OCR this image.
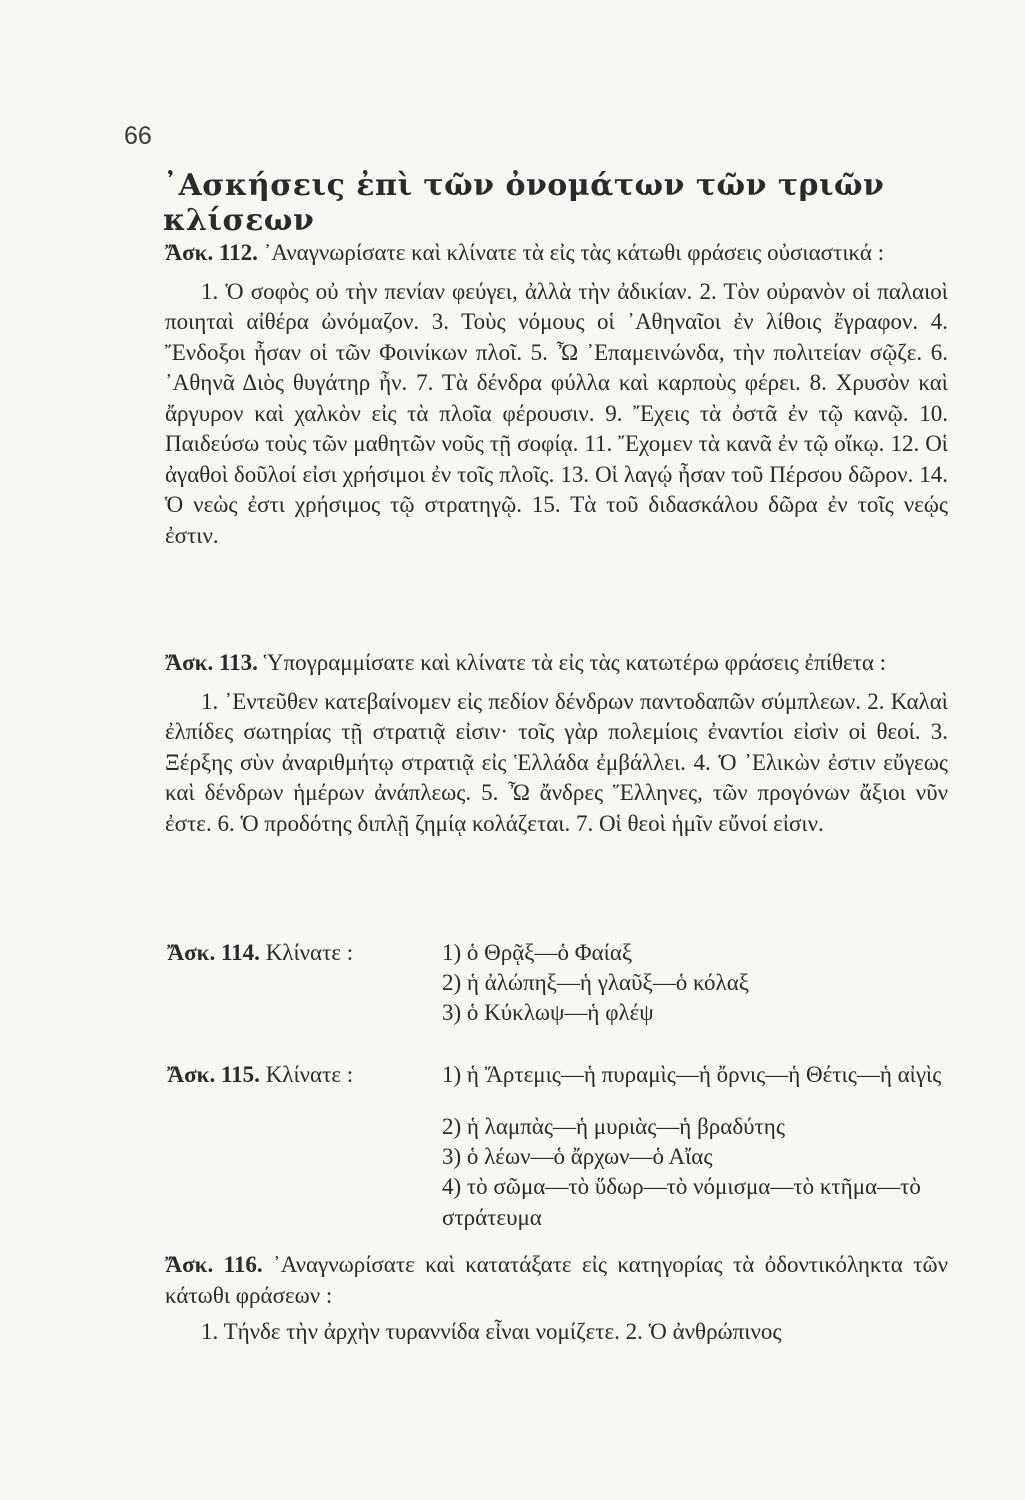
66
᾿Ασκήσεις ἐπὶ τῶν ὀνομάτων τῶν τριῶν κλίσεων

Ἄσκ. 112. ᾿Αναγνωρίσατε καὶ κλίνατε τὰ εἰς τὰς κάτωθι φράσεις οὐσιαστικά :

1. Ὁ σοφὸς οὐ τὴν πενίαν φεύγει, ἀλλὰ τὴν ἀδικίαν. 2. Τὸν οὐρανὸν οἱ παλαιοὶ ποιηταὶ αἰθέρα ὠνόμαζον. 3. Τοὺς νόμους οἱ ᾿Αθηναῖοι ἐν λίθοις ἔγραφον. 4. Ἔνδοξοι ἦσαν οἱ τῶν Φοινίκων πλοῖ. 5. Ὦ ᾿Επαμεινώνδα, τὴν πολιτείαν σῷζε. 6. ᾿Αθηνᾶ Διὸς θυγάτηρ ἦν. 7. Τὰ δένδρα φύλλα καὶ καρποὺς φέρει. 8. Χρυσὸν καὶ ἄργυρον καὶ χαλκὸν εἰς τὰ πλοῖα φέρουσιν. 9. Ἔχεις τὰ ὀστᾶ ἐν τῷ κανῷ. 10. Παιδεύσω τοὺς τῶν μαθητῶν νοῦς τῇ σοφίᾳ. 11. Ἔχομεν τὰ κανᾶ ἐν τῷ οἴκῳ. 12. Οἱ ἀγαθοὶ δοῦλοί εἰσι χρήσιμοι ἐν τοῖς πλοῖς. 13. Οἱ λαγῴ ἦσαν τοῦ Πέρσου δῶρον. 14. Ὁ νεὼς ἐστι χρήσιμος τῷ στρατηγῷ. 15. Τὰ τοῦ διδασκάλου δῶρα ἐν τοῖς νεῴς ἐστιν.

Ἄσκ. 113. Ὑπογραμμίσατε καὶ κλίνατε τὰ εἰς τὰς κατωτέρω φράσεις ἐπίθετα :

1. ᾿Εντεῦθεν κατεβαίνομεν εἰς πεδίον δένδρων παντοδαπῶν σύμπλεων. 2. Καλαὶ ἐλπίδες σωτηρίας τῇ στρατιᾷ εἰσιν· τοῖς γὰρ πολεμίοις ἐναντίοι εἰσὶν οἱ θεοί. 3. Ξέρξης σὺν ἀναριθμήτῳ στρατιᾷ εἰς Ἑλλάδα ἐμβάλλει. 4. Ὁ ᾿Ελικὼν ἐστιν εὔγεως καὶ δένδρων ἡμέρων ἀνάπλεως. 5. Ὦ ἄνδρες Ἕλληνες, τῶν προγόνων ἄξιοι νῦν ἐστε. 6. Ὁ προδότης διπλῇ ζημίᾳ κολάζεται. 7. Οἱ θεοὶ ἡμῖν εὔνοί εἰσιν.

Ἄσκ. 114. Κλίνατε :	1) ὁ Θρᾷξ—ὁ Φαίαξ
2) ἡ ἀλώπηξ—ἡ γλαῦξ—ὁ κόλαξ
3) ὁ Κύκλωψ—ἡ φλέψ
Ἄσκ. 115. Κλίνατε :	1) ἡ Ἄρτεμις—ἡ πυραμὶς—ἡ ὄρνις—ἡ Θέτις—ἡ αἰγὶς
2) ἡ λαμπὰς—ἡ μυριὰς—ἡ βραδύτης
3) ὁ λέων—ὁ ἄρχων—ὁ Αἴας
4) τὸ σῶμα—τὸ ὕδωρ—τὸ νόμισμα—τὸ κτῆμα—τὸ στράτευμα

Ἄσκ. 116. ᾿Αναγνωρίσατε καὶ κατατάξατε εἰς κατηγορίας τὰ ὀδοντικόληκτα τῶν κάτωθι φράσεων :

1. Τήνδε τὴν ἀρχὴν τυραννίδα εἶναι νομίζετε. 2. Ὁ ἀνθρώπινος
